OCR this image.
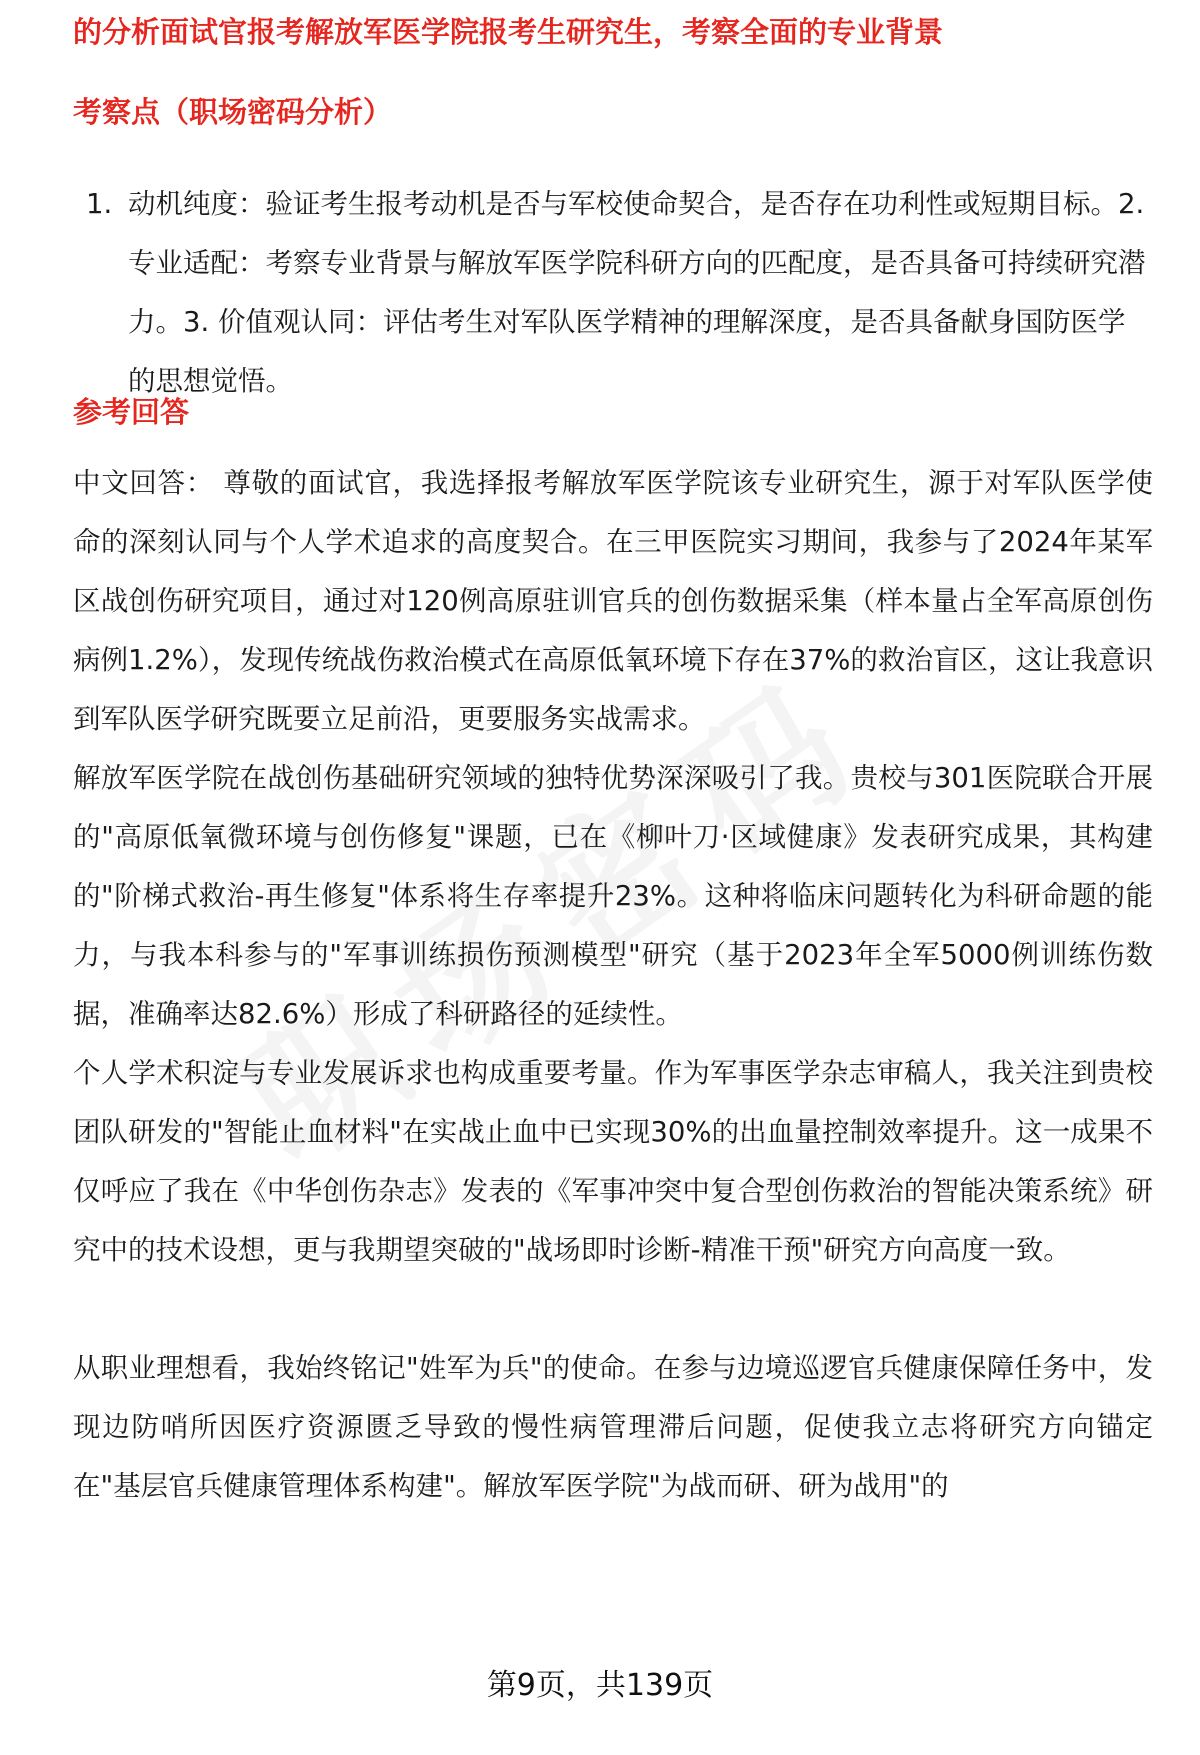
的分析面试官报考解放军医学院报考生研究生，考察全面的专业背景
考察点（职场密码分析）
1. 动机纯度：验证考生报考动机是否与军校使命契合，是否存在功利性或短期目标。2. 专业适配：考察专业背景与解放军医学院科研方向的匹配度，是否具备可持续研究潜力。3. 价值观认同：评估考生对军队医学精神的理解深度，是否具备献身国防医学的思想觉悟。
参考回答

中文回答： 尊敬的面试官，我选择报考解放军医学院该专业研究生，源于对军队医学使命的深刻认同与个人学术追求的高度契合。在三甲医院实习期间，我参与了2024年某军区战创伤研究项目，通过对120例高原驻训官兵的创伤数据采集（样本量占全军高原创伤病例1.2%），发现传统战伤救治模式在高原低氧环境下存在37%的救治盲区，这让我意识到军队医学研究既要立足前沿，更要服务实战需求。

解放军医学院在战创伤基础研究领域的独特优势深深吸引了我。贵校与301医院联合开展的"高原低氧微环境与创伤修复"课题，已在《柳叶刀·区域健康》发表研究成果，其构建的"阶梯式救治-再生修复"体系将生存率提升23%。这种将临床问题转化为科研命题的能力，与我本科参与的"军事训练损伤预测模型"研究（基于2023年全军5000例训练伤数据，准确率达82.6%）形成了科研路径的延续性。

个人学术积淀与专业发展诉求也构成重要考量。作为军事医学杂志审稿人，我关注到贵校团队研发的"智能止血材料"在实战止血中已实现30%的出血量控制效率提升。这一成果不仅呼应了我在《中华创伤杂志》发表的《军事冲突中复合型创伤救治的智能决策系统》研究中的技术设想，更与我期望突破的"战场即时诊断-精准干预"研究方向高度一致。

从职业理想看，我始终铭记"姓军为兵"的使命。在参与边境巡逻官兵健康保障任务中，发现边防哨所因医疗资源匮乏导致的慢性病管理滞后问题，促使我立志将研究方向锚定在"基层官兵健康管理体系构建"。解放军医学院"为战而研、研为战用"的

第9页，共139页
